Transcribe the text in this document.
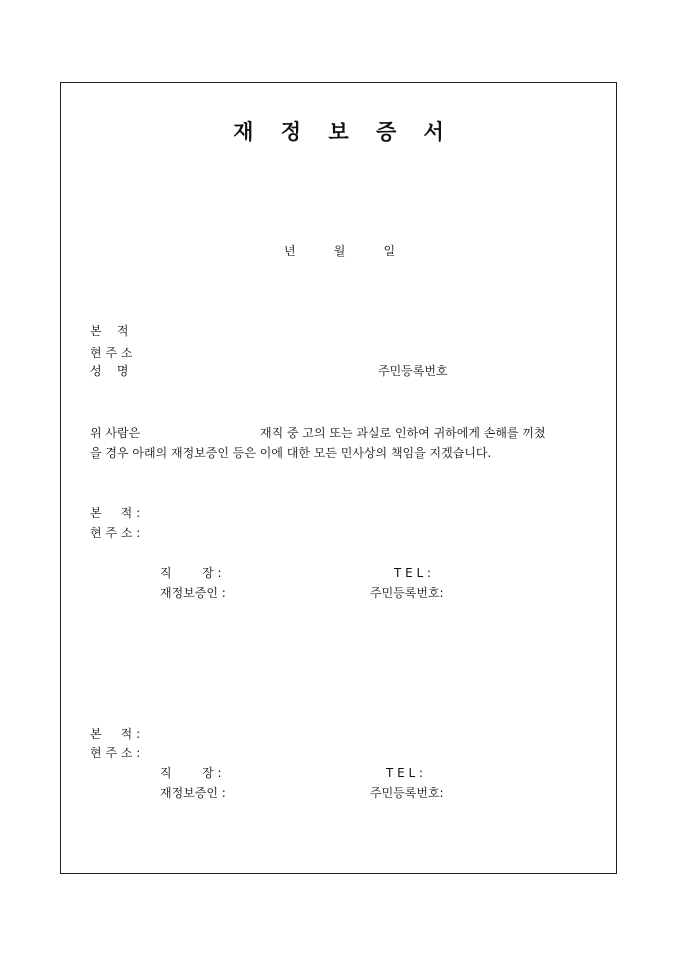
재 정 보 증 서
년          월          일
본    적
현 주 소
성    명	주민등록번호
위 사람은	재직 중 고의 또는 과실로 인하여 귀하에게 손해를 끼쳤
을 경우 아래의 재정보증인 등은 이에 대한 모든 민사상의 책임을 지겠습니다.
본     적 :
현 주 소 :
직        장 :	T E L :
재정보증인 :	주민등록번호:
본     적 :
현 주 소 :
직        장 :	T E L :
재정보증인 :	주민등록번호:
